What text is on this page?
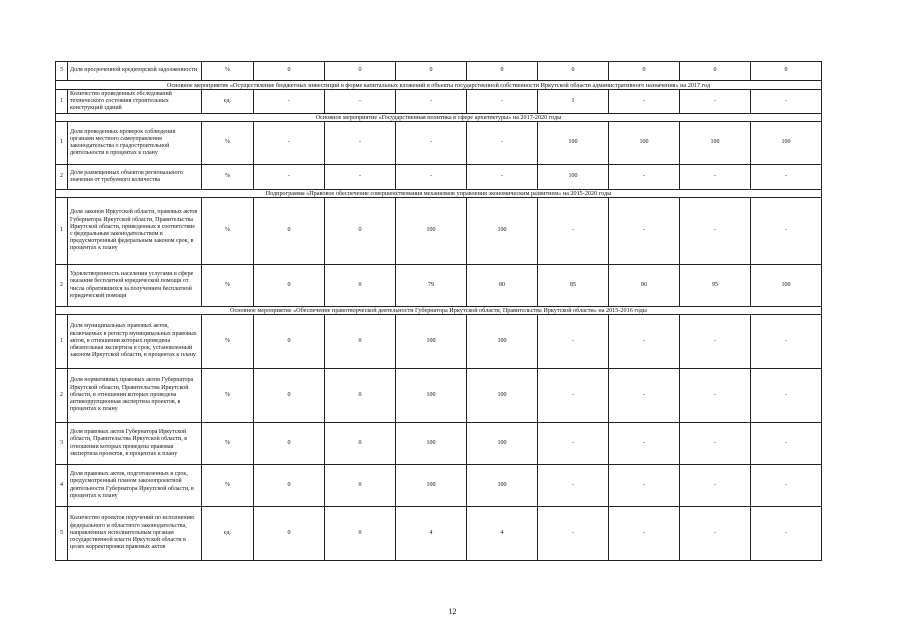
5	Доля просроченной кредиторской задолженности	%	0	0	0	0	0	0	0	0
Основное мероприятие «Осуществление бюджетных инвестиций в форме капитальных вложений в объекты государственной собственности Иркутской области административного назначения» на 2017 год										
1	Количество проведенных обследований технического состояния строительных конструкций зданий	ед.	-	-	-	-	1	-	-	-
Основное мероприятие «Государственная политика в сфере архитектуры» на 2017-2020 годы										
1	Доля проведенных проверок соблюдения органами местного самоуправления законодательства о градостроительной деятельности в процентах к плану	%	-	-	-	-	100	100	100	100
2	Доля размещенных объектов регионального значения от требуемого количества	%	-	-	-	-	100	-	-	-
Подпрограмма «Правовое обеспечение совершенствования механизмов управления экономическим развитием» на 2015-2020 годы										
1	Доля законов Иркутской области, правовых актов Губернатора Иркутской области, Правительства Иркутской области, приведенных в соответствие с федеральным законодательством в предусмотренный федеральным законом срок, в процентах к плану	%	0	0	100	100	-	-	-	-
2	Удовлетворенность населения услугами в сфере оказания бесплатной юридической помощи от числа обратившихся за получением бесплатной юридической помощи	%	0	0	79	80	85	90	95	100
Основное мероприятие «Обеспечение правотворческой деятельности Губернатора Иркутской области, Правительства Иркутской области» на 2015-2016 годы										
1	Доля муниципальных правовых актов, включаемых в регистр муниципальных правовых актов, в отношении которых проведена обязательная экспертиза в срок, установленный законом Иркутской области, в процентах к плану	%	0	0	100	100	-	-	-	-
2	Доля нормативных правовых актов Губернатора Иркутской области, Правительства Иркутской области, в отношении которых проведена антикоррупционная экспертиза проектов, в процентах к плану	%	0	0	100	100	-	-	-	-
3	Доля правовых актов Губернатора Иркутской области, Правительства Иркутской области, в отношении которых проведена правовая экспертиза проектов, в процентах к плану	%	0	0	100	100	-	-	-	-
4	Доля правовых актов, подготовленных в срок, предусмотренный планом законопроектной деятельности Губернатора Иркутской области, в процентах к плану	%	0	0	100	100	-	-	-	-
5	Количество проектов поручений по исполнению федерального и областного законодательства, направленных исполнительным органам государственной власти Иркутской области в целях корректировки правовых актов	ед.	0	0	4	4	-	-	-	-
12
